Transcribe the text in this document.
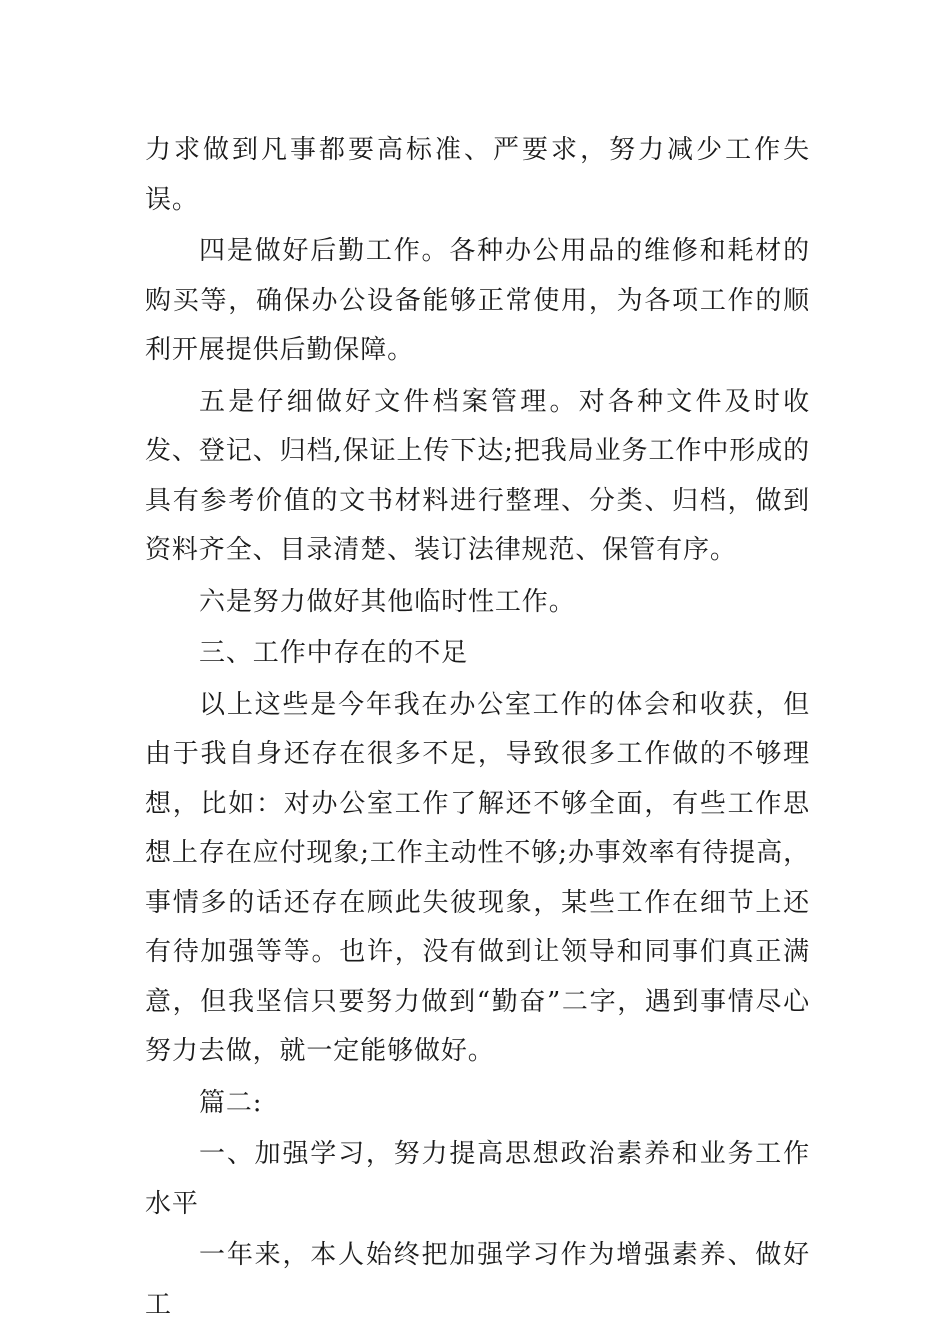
力求做到凡事都要高标准、严要求，努力减少工作失误。

四是做好后勤工作。各种办公用品的维修和耗材的购买等，确保办公设备能够正常使用，为各项工作的顺利开展提供后勤保障。

五是仔细做好文件档案管理。对各种文件及时收发、登记、归档,保证上传下达;把我局业务工作中形成的具有参考价值的文书材料进行整理、分类、归档，做到资料齐全、目录清楚、装订法律规范、保管有序。

六是努力做好其他临时性工作。

三、工作中存在的不足

以上这些是今年我在办公室工作的体会和收获，但由于我自身还存在很多不足，导致很多工作做的不够理想，比如：对办公室工作了解还不够全面，有些工作思想上存在应付现象;工作主动性不够;办事效率有待提高，事情多的话还存在顾此失彼现象，某些工作在细节上还有待加强等等。也许，没有做到让领导和同事们真正满意，但我坚信只要努力做到“勤奋”二字，遇到事情尽心努力去做，就一定能够做好。

篇二:

一、加强学习，努力提高思想政治素养和业务工作水平

一年来，本人始终把加强学习作为增强素养、做好工
